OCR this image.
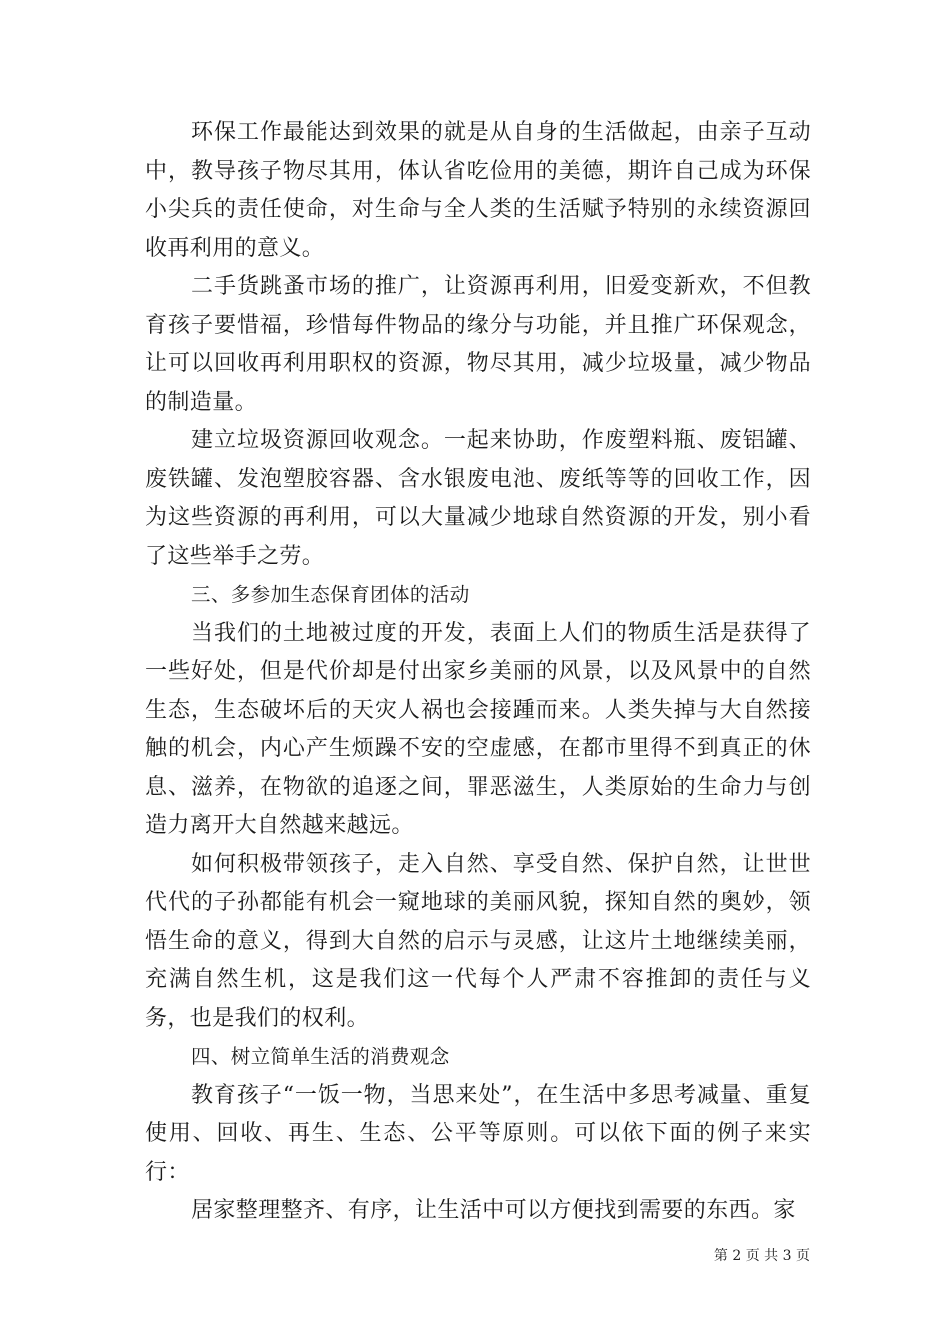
环保工作最能达到效果的就是从自身的生活做起，由亲子互动中，教导孩子物尽其用，体认省吃俭用的美德，期许自己成为环保小尖兵的责任使命，对生命与全人类的生活赋予特别的永续资源回收再利用的意义。

二手货跳蚤市场的推广，让资源再利用，旧爱变新欢，不但教育孩子要惜福，珍惜每件物品的缘分与功能，并且推广环保观念，让可以回收再利用职权的资源，物尽其用，减少垃圾量，减少物品的制造量。

建立垃圾资源回收观念。一起来协助，作废塑料瓶、废铝罐、废铁罐、发泡塑胶容器、含水银废电池、废纸等等的回收工作，因为这些资源的再利用，可以大量减少地球自然资源的开发，别小看了这些举手之劳。

三、多参加生态保育团体的活动

当我们的土地被过度的开发，表面上人们的物质生活是获得了一些好处，但是代价却是付出家乡美丽的风景，以及风景中的自然生态，生态破坏后的天灾人祸也会接踵而来。人类失掉与大自然接触的机会，内心产生烦躁不安的空虚感，在都市里得不到真正的休息、滋养，在物欲的追逐之间，罪恶滋生，人类原始的生命力与创造力离开大自然越来越远。

如何积极带领孩子，走入自然、享受自然、保护自然，让世世代代的子孙都能有机会一窥地球的美丽风貌，探知自然的奥妙，领悟生命的意义，得到大自然的启示与灵感，让这片土地继续美丽，充满自然生机，这是我们这一代每个人严肃不容推卸的责任与义务，也是我们的权利。

四、树立简单生活的消费观念

教育孩子“一饭一物，当思来处”，在生活中多思考减量、重复使用、回收、再生、生态、公平等原则。可以依下面的例子来实行：

居家整理整齐、有序，让生活中可以方便找到需要的东西。家

第 2 页 共 3 页
